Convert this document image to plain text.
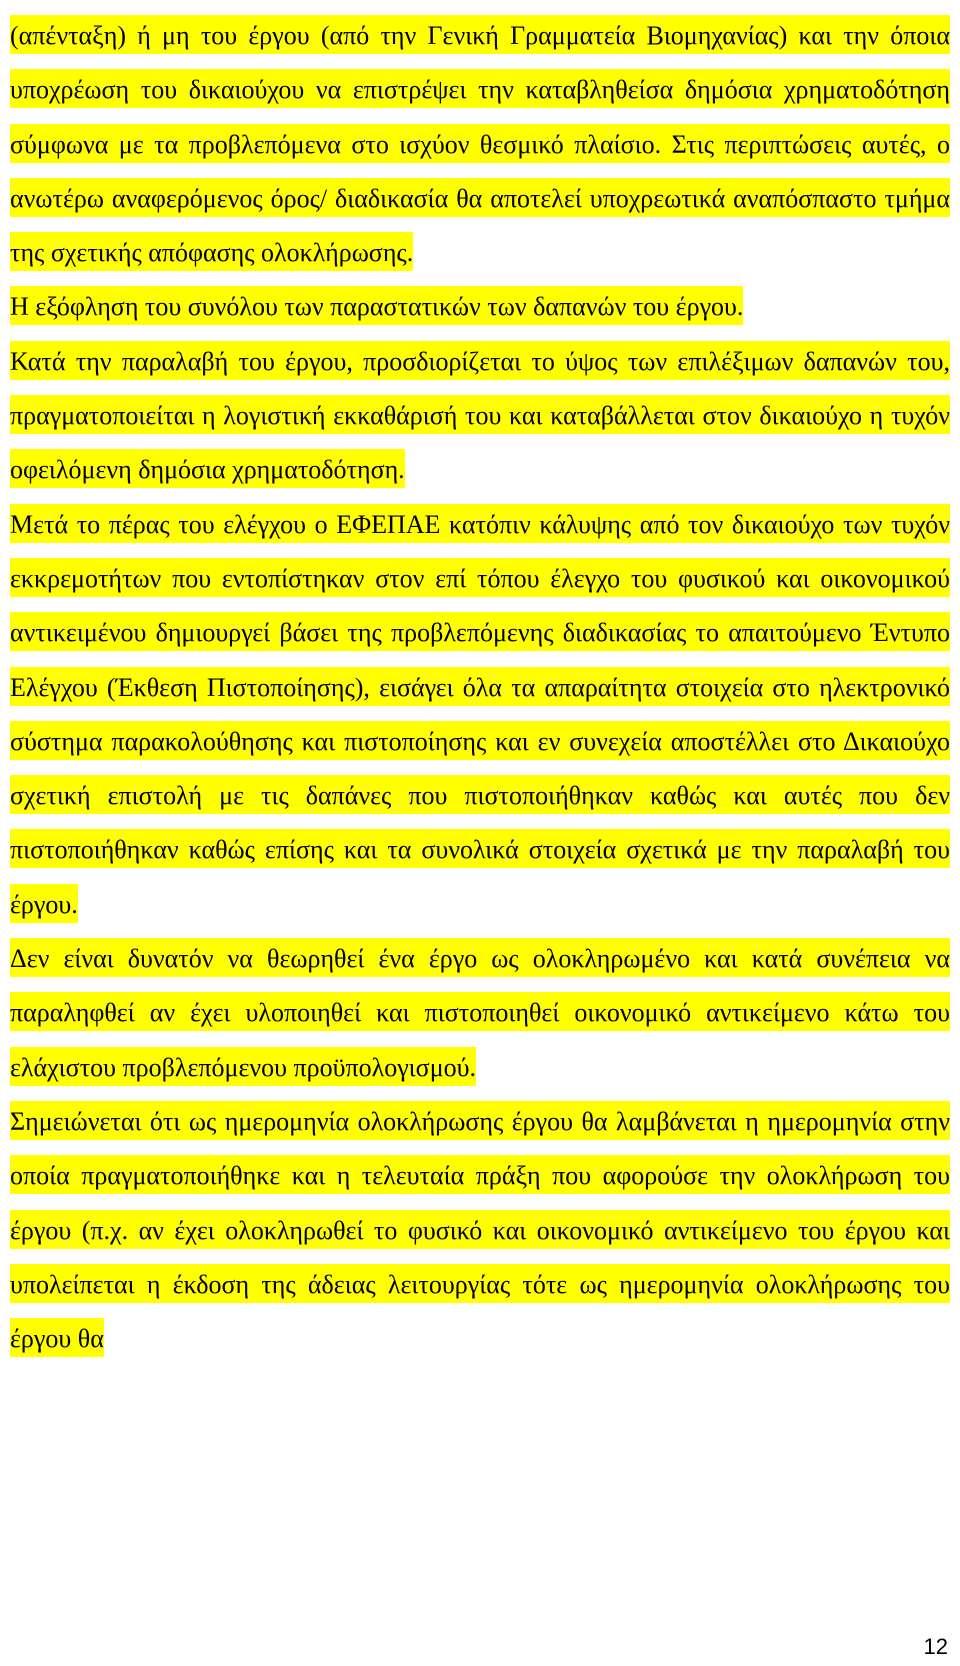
(απένταξη) ή μη του έργου (από την Γενική Γραμματεία Βιομηχανίας) και την όποια υποχρέωση του δικαιούχου να επιστρέψει την καταβληθείσα δημόσια χρηματοδότηση σύμφωνα με τα προβλεπόμενα στο ισχύον θεσμικό πλαίσιο. Στις περιπτώσεις αυτές, ο ανωτέρω αναφερόμενος όρος/ διαδικασία θα αποτελεί υποχρεωτικά αναπόσπαστο τμήμα της σχετικής απόφασης ολοκλήρωσης.

Η εξόφληση του συνόλου των παραστατικών των δαπανών του έργου.

Κατά την παραλαβή του έργου, προσδιορίζεται το ύψος των επιλέξιμων δαπανών του, πραγματοποιείται η λογιστική εκκαθάρισή του και καταβάλλεται στον δικαιούχο η τυχόν οφειλόμενη δημόσια χρηματοδότηση.

Μετά το πέρας του ελέγχου ο ΕΦΕΠΑΕ κατόπιν κάλυψης από τον δικαιούχο των τυχόν εκκρεμοτήτων που εντοπίστηκαν στον επί τόπου έλεγχο του φυσικού και οικονομικού αντικειμένου δημιουργεί βάσει της προβλεπόμενης διαδικασίας το απαιτούμενο Έντυπο Ελέγχου (Έκθεση Πιστοποίησης), εισάγει όλα τα απαραίτητα στοιχεία στο ηλεκτρονικό σύστημα παρακολούθησης και πιστοποίησης και εν συνεχεία αποστέλλει στο Δικαιούχο σχετική επιστολή με τις δαπάνες που πιστοποιήθηκαν καθώς και αυτές που δεν πιστοποιήθηκαν καθώς επίσης και τα συνολικά στοιχεία σχετικά με την παραλαβή του έργου.

Δεν είναι δυνατόν να θεωρηθεί ένα έργο ως ολοκληρωμένο και κατά συνέπεια να παραληφθεί αν έχει υλοποιηθεί και πιστοποιηθεί οικονομικό αντικείμενο κάτω του ελάχιστου προβλεπόμενου προϋπολογισμού.

Σημειώνεται ότι ως ημερομηνία ολοκλήρωσης έργου θα λαμβάνεται η ημερομηνία στην οποία πραγματοποιήθηκε και η τελευταία πράξη που αφορούσε την ολοκλήρωση του έργου (π.χ. αν έχει ολοκληρωθεί το φυσικό και οικονομικό αντικείμενο του έργου και υπολείπεται η έκδοση της άδειας λειτουργίας τότε ως ημερομηνία ολοκλήρωσης του έργου θα

12
